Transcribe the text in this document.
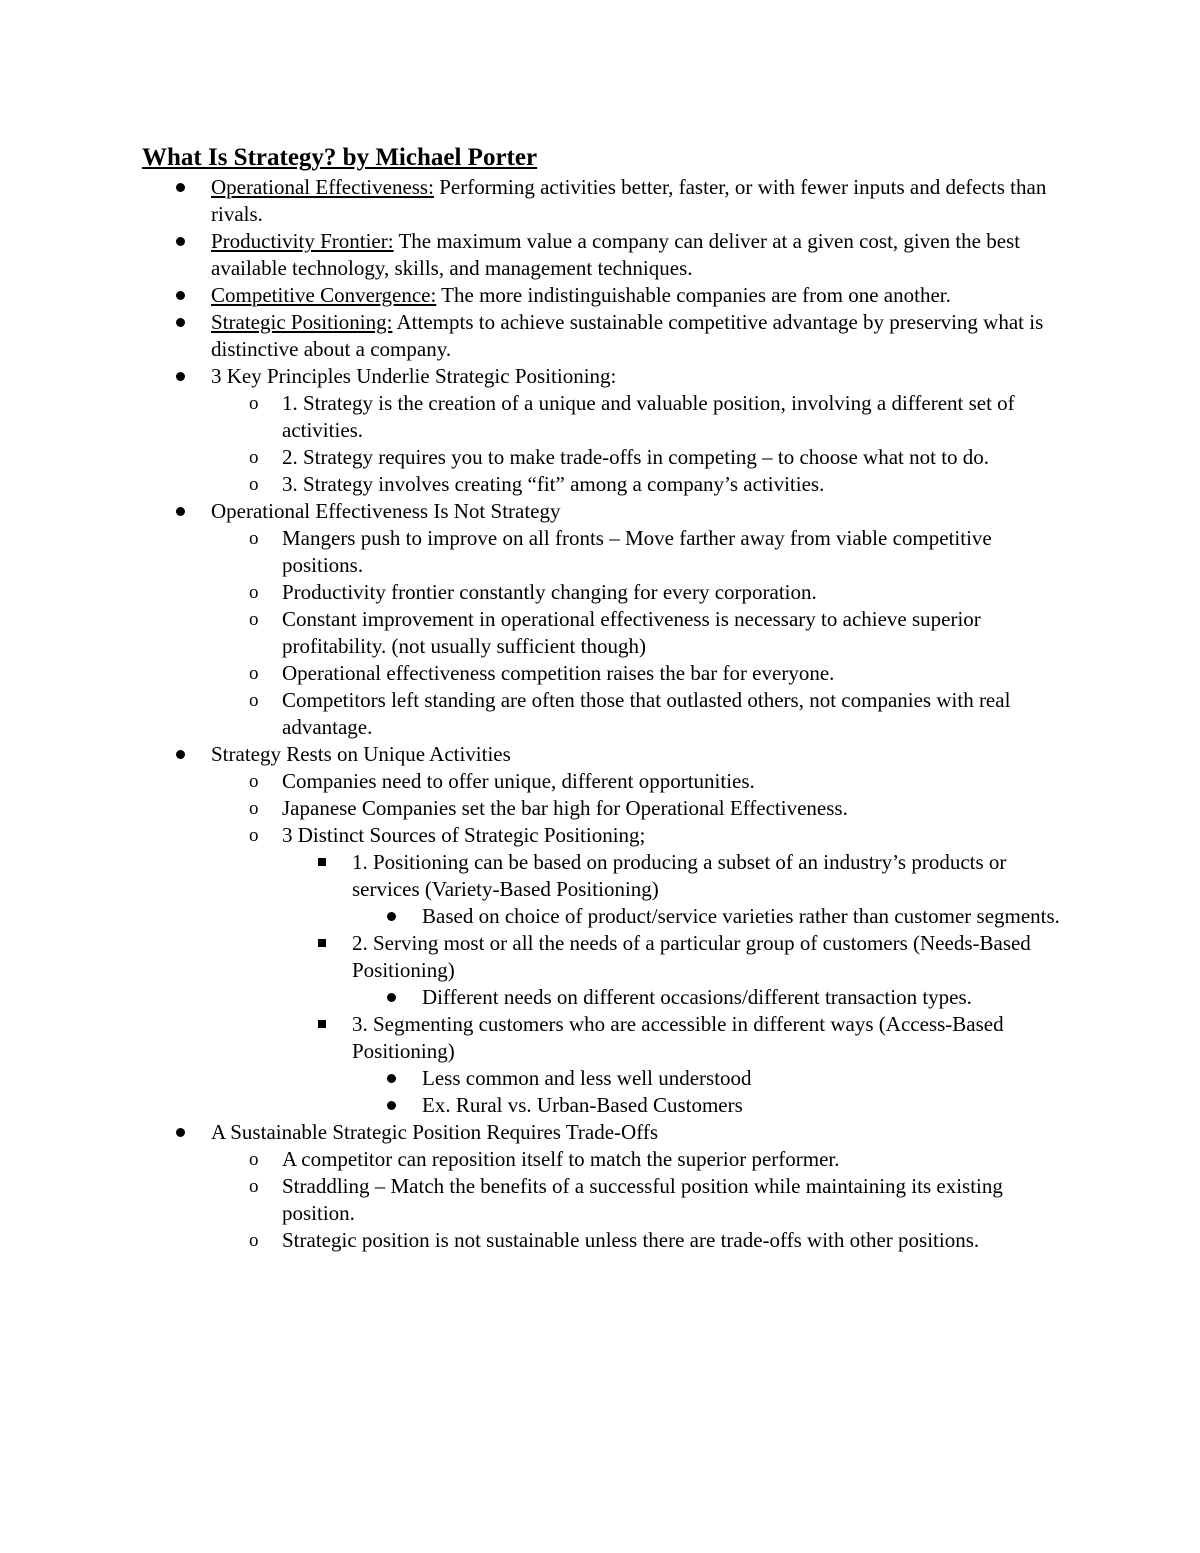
What Is Strategy? by Michael Porter
Operational Effectiveness: Performing activities better, faster, or with fewer inputs and defects than rivals.
Productivity Frontier: The maximum value a company can deliver at a given cost, given the best available technology, skills, and management techniques.
Competitive Convergence: The more indistinguishable companies are from one another.
Strategic Positioning: Attempts to achieve sustainable competitive advantage by preserving what is distinctive about a company.
3 Key Principles Underlie Strategic Positioning:
o 1. Strategy is the creation of a unique and valuable position, involving a different set of activities.
o 2. Strategy requires you to make trade-offs in competing – to choose what not to do.
o 3. Strategy involves creating “fit” among a company’s activities.
Operational Effectiveness Is Not Strategy
o Mangers push to improve on all fronts – Move farther away from viable competitive positions.
o Productivity frontier constantly changing for every corporation.
o Constant improvement in operational effectiveness is necessary to achieve superior profitability. (not usually sufficient though)
o Operational effectiveness competition raises the bar for everyone.
o Competitors left standing are often those that outlasted others, not companies with real advantage.
Strategy Rests on Unique Activities
o Companies need to offer unique, different opportunities.
o Japanese Companies set the bar high for Operational Effectiveness.
o 3 Distinct Sources of Strategic Positioning;
1. Positioning can be based on producing a subset of an industry’s products or services (Variety-Based Positioning)
Based on choice of product/service varieties rather than customer segments.
2. Serving most or all the needs of a particular group of customers (Needs-Based Positioning)
Different needs on different occasions/different transaction types.
3. Segmenting customers who are accessible in different ways (Access-Based Positioning)
Less common and less well understood
Ex. Rural vs. Urban-Based Customers
A Sustainable Strategic Position Requires Trade-Offs
o A competitor can reposition itself to match the superior performer.
o Straddling – Match the benefits of a successful position while maintaining its existing position.
o Strategic position is not sustainable unless there are trade-offs with other positions.
